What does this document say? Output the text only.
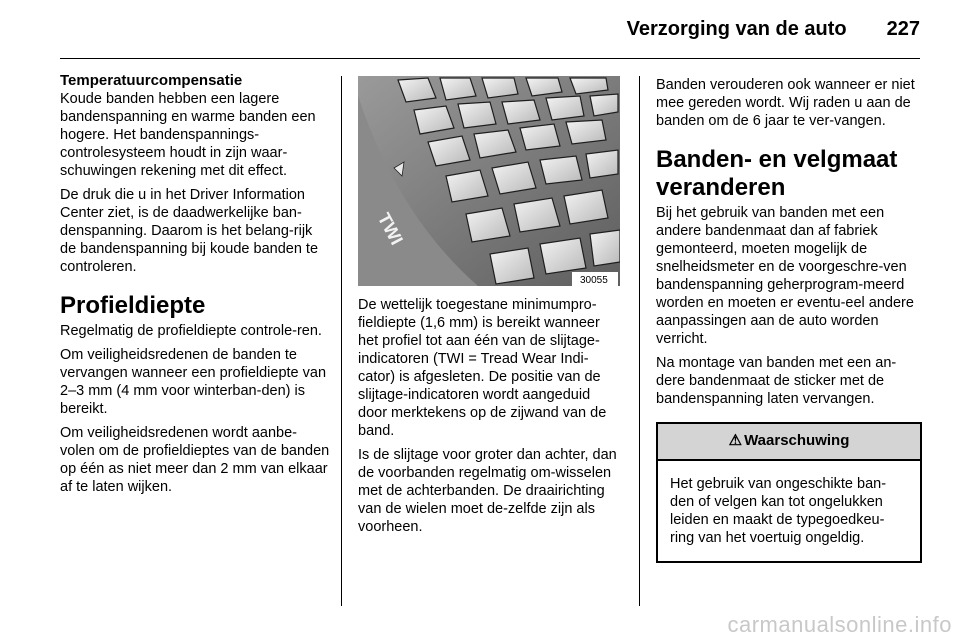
Verzorging van de auto 227
Temperatuurcompensatie

Koude banden hebben een lagere bandenspanning en warme banden een hogere. Het bandenspannings-controlesysteem houdt in zijn waar-schuwingen rekening met dit effect.

De druk die u in het Driver Information Center ziet, is de daadwerkelijke ban-denspanning. Daarom is het belang-rijk de bandenspanning bij koude banden te controleren.

Profieldiepte

Regelmatig de profieldiepte controle-ren.

Om veiligheidsredenen de banden te vervangen wanneer een profieldiepte van 2–3 mm (4 mm voor winterban-den) is bereikt.

Om veiligheidsredenen wordt aanbe-volen om de profieldieptes van de banden op één as niet meer dan 2 mm van elkaar af te laten wijken.

TWI
30055

De wettelijk toegestane minimumpro-fieldiepte (1,6 mm) is bereikt wanneer het profiel tot aan één van de slijtage-indicatoren (TWI = Tread Wear Indi-cator) is afgesleten. De positie van de slijtage-indicatoren wordt aangeduid door merktekens op de zijwand van de band.

Is de slijtage voor groter dan achter, dan de voorbanden regelmatig om-wisselen met de achterbanden. De draairichting van de wielen moet de-zelfde zijn als voorheen.

Banden verouderen ook wanneer er niet mee gereden wordt. Wij raden u aan de banden om de 6 jaar te ver-vangen.

Banden- en velgmaat veranderen

Bij het gebruik van banden met een andere bandenmaat dan af fabriek gemonteerd, moeten mogelijk de snelheidsmeter en de voorgeschre-ven bandenspanning geherprogram-meerd worden en moeten er eventu-eel andere aanpassingen aan de auto worden verricht.

Na montage van banden met een an-dere bandenmaat de sticker met de bandenspanning laten vervangen.

⚠ Waarschuwing
Het gebruik van ongeschikte ban-den of velgen kan tot ongelukken leiden en maakt de typegoedkeu-ring van het voertuig ongeldig.
carmanualsonline.info
